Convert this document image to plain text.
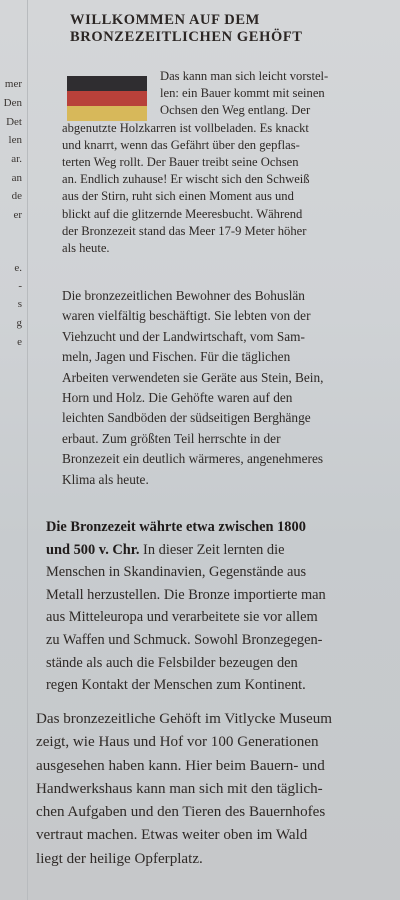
mer
Den
Det
len
ar.
an
de
er
e.
-
s
g
e
WILLKOMMEN AUF DEM
BRONZEZEITLICHEN GEHÖFT
Das kann man sich leicht vorstel-
len: ein Bauer kommt mit seinen
Ochsen den Weg entlang. Der
abgenutzte Holzkarren ist vollbeladen. Es knackt
und knarrt, wenn das Gefährt über den gepflas-
terten Weg rollt. Der Bauer treibt seine Ochsen
an. Endlich zuhause! Er wischt sich den Schweiß
aus der Stirn, ruht sich einen Moment aus und
blickt auf die glitzernde Meeresbucht. Während
der Bronzezeit stand das Meer 17-9 Meter höher
als heute.
Die bronzezeitlichen Bewohner des Bohuslän
waren vielfältig beschäftigt. Sie lebten von der
Viehzucht und der Landwirtschaft, vom Sam-
meln, Jagen und Fischen. Für die täglichen
Arbeiten verwendeten sie Geräte aus Stein, Bein,
Horn und Holz. Die Gehöfte waren auf den
leichten Sandböden der südseitigen Berghänge
erbaut. Zum größten Teil herrschte in der
Bronzezeit ein deutlich wärmeres, angenehmeres
Klima als heute.
Die Bronzezeit währte etwa zwischen 1800
und 500 v. Chr. In dieser Zeit lernten die
Menschen in Skandinavien, Gegenstände aus
Metall herzustellen. Die Bronze importierte man
aus Mitteleuropa und verarbeitete sie vor allem
zu Waffen und Schmuck. Sowohl Bronzegegen-
stände als auch die Felsbilder bezeugen den
regen Kontakt der Menschen zum Kontinent.
Das bronzezeitliche Gehöft im Vitlycke Museum
zeigt, wie Haus und Hof vor 100 Generationen
ausgesehen haben kann. Hier beim Bauern- und
Handwerkshaus kann man sich mit den täglich-
chen Aufgaben und den Tieren des Bauernhofes
vertraut machen. Etwas weiter oben im Wald
liegt der heilige Opferplatz.
